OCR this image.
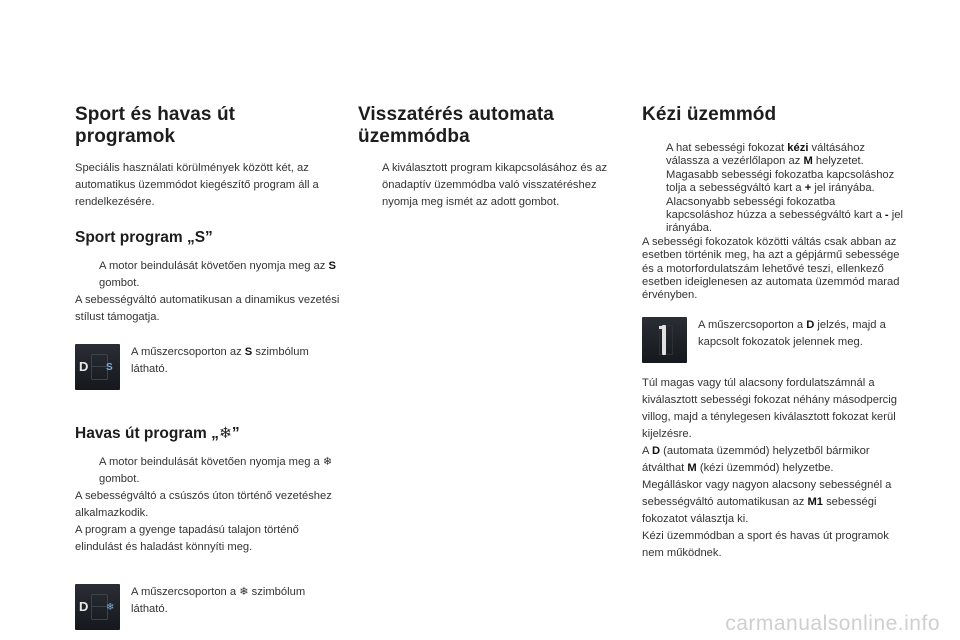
Sport és havas út programok

Speciális használati körülmények között két, az automatikus üzemmódot kiegészítő program áll a rendelkezésére.

Sport program „S”
A motor beindulását követően nyomja meg az S gombot.

A sebességváltó automatikusan a dinamikus vezetési stílust támogatja.

D S

A műszercsoporton az S szimbólum látható.

Havas út program „❄”
A motor beindulását követően nyomja meg a ❄ gombot.

A sebességváltó a csúszós úton történő vezetéshez alkalmazkodik.

A program a gyenge tapadású talajon történő elindulást és haladást könnyíti meg.

D ❄

A műszercsoporton a ❄ szimbólum látható.

Visszatérés automata üzemmódba
A kiválasztott program kikapcsolásához és az önadaptív üzemmódba való visszatéréshez nyomja meg ismét az adott gombot.
Kézi üzemmód
A hat sebességi fokozat kézi váltásához válassza a vezérlőlapon az M helyzetet.
Magasabb sebességi fokozatba kapcsoláshoz tolja a sebességváltó kart a + jel irányába.
Alacsonyabb sebességi fokozatba kapcsoláshoz húzza a sebességváltó kart a - jel irányába.

A sebességi fokozatok közötti váltás csak abban az esetben történik meg, ha azt a gépjármű sebessége és a motorfordulatszám lehetővé teszi, ellenkező esetben ideiglenesen az automata üzemmód marad érvényben.

A műszercsoporton a D jelzés, majd a kapcsolt fokozatok jelennek meg.

Túl magas vagy túl alacsony fordulatszámnál a kiválasztott sebességi fokozat néhány másodpercig villog, majd a ténylegesen kiválasztott fokozat kerül kijelzésre.

A D (automata üzemmód) helyzetből bármikor átválthat M (kézi üzemmód) helyzetbe.

Megálláskor vagy nagyon alacsony sebességnél a sebességváltó automatikusan az M1 sebességi fokozatot választja ki.

Kézi üzemmódban a sport és havas út programok nem működnek.

carmanualsonline.info
